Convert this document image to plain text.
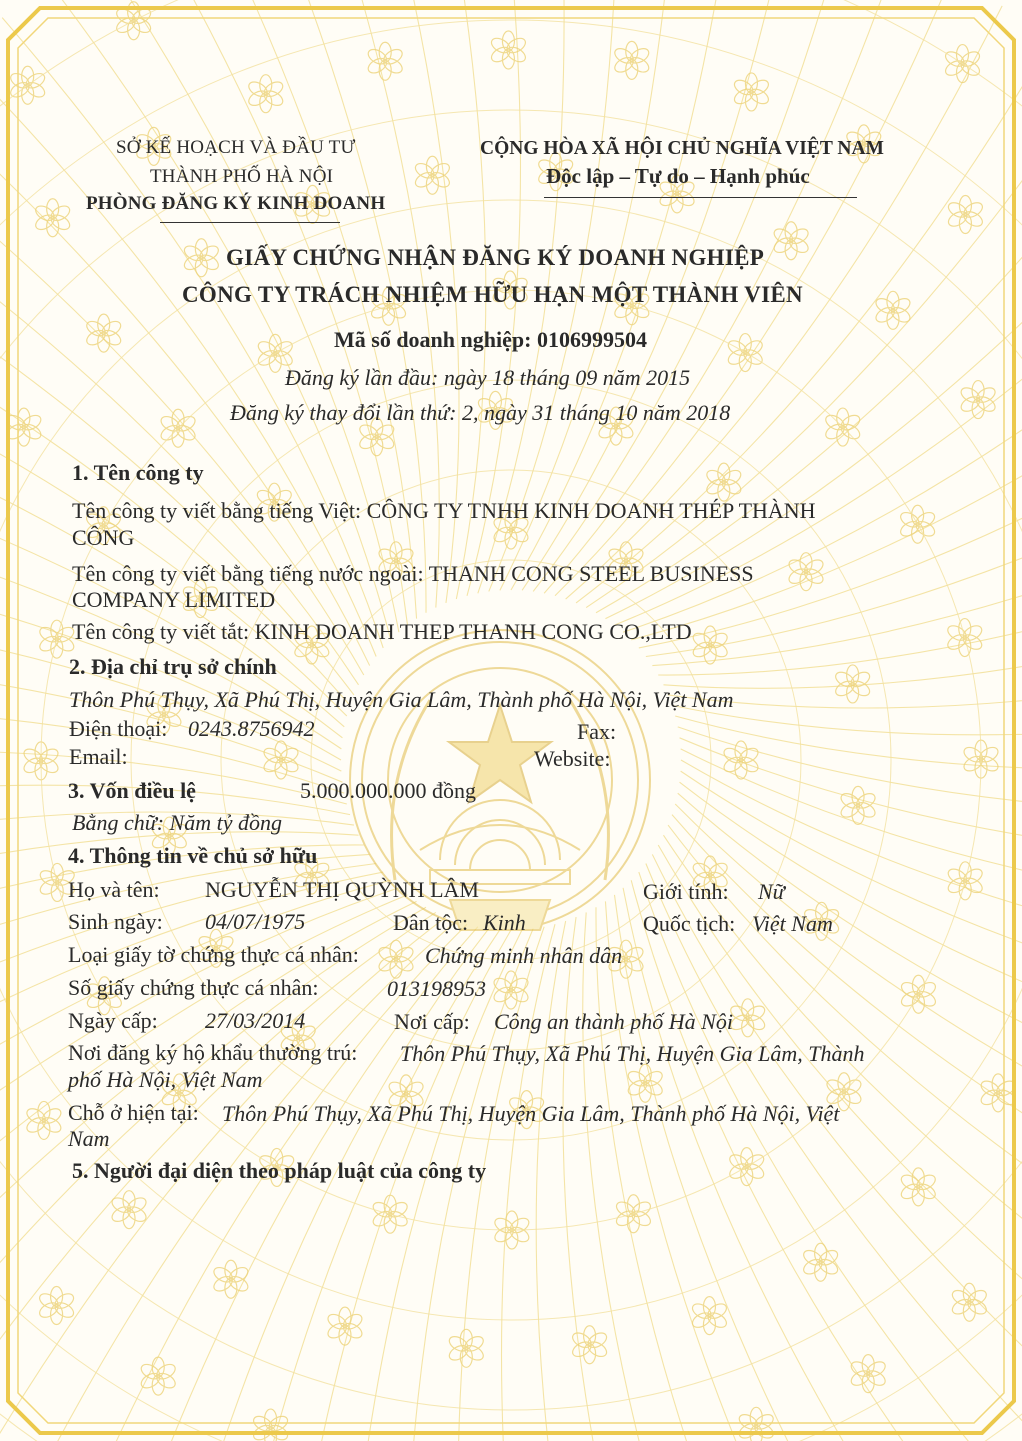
SỞ KẾ HOẠCH VÀ ĐẦU TƯ
THÀNH PHỐ HÀ NỘI
PHÒNG ĐĂNG KÝ KINH DOANH
CỘNG HÒA XÃ HỘI CHỦ NGHĨA VIỆT NAM
Độc lập – Tự do – Hạnh phúc
GIẤY CHỨNG NHẬN ĐĂNG KÝ DOANH NGHIỆP
CÔNG TY TRÁCH NHIỆM HỮU HẠN MỘT THÀNH VIÊN
Mã số doanh nghiệp: 0106999504
Đăng ký lần đầu: ngày 18 tháng 09 năm 2015
Đăng ký thay đổi lần thứ: 2, ngày 31 tháng 10 năm 2018
1. Tên công ty
Tên công ty viết bằng tiếng Việt: CÔNG TY TNHH KINH DOANH THÉP THÀNH
CÔNG
Tên công ty viết bằng tiếng nước ngoài: THANH CONG STEEL BUSINESS
COMPANY LIMITED
Tên công ty viết tắt: KINH DOANH THEP THANH CONG CO.,LTD
2. Địa chỉ trụ sở chính
Thôn Phú Thụy, Xã Phú Thị, Huyện Gia Lâm, Thành phố Hà Nội, Việt Nam
Điện thoại: 0243.8756942	Fax:
Email:	Website:
3. Vốn điều lệ	5.000.000.000 đồng
Bằng chữ: Năm tỷ đồng
4. Thông tin về chủ sở hữu
Họ và tên: NGUYỄN THỊ QUỲNH LÂM	Giới tính: Nữ
Sinh ngày: 04/07/1975	Dân tộc: Kinh	Quốc tịch: Việt Nam
Loại giấy tờ chứng thực cá nhân:	Chứng minh nhân dân
Số giấy chứng thực cá nhân:	013198953
Ngày cấp: 27/03/2014	Nơi cấp: Công an thành phố Hà Nội
Nơi đăng ký hộ khẩu thường trú: Thôn Phú Thụy, Xã Phú Thị, Huyện Gia Lâm, Thành
phố Hà Nội, Việt Nam
Chỗ ở hiện tại: Thôn Phú Thụy, Xã Phú Thị, Huyện Gia Lâm, Thành phố Hà Nội, Việt
Nam
5. Người đại diện theo pháp luật của công ty
